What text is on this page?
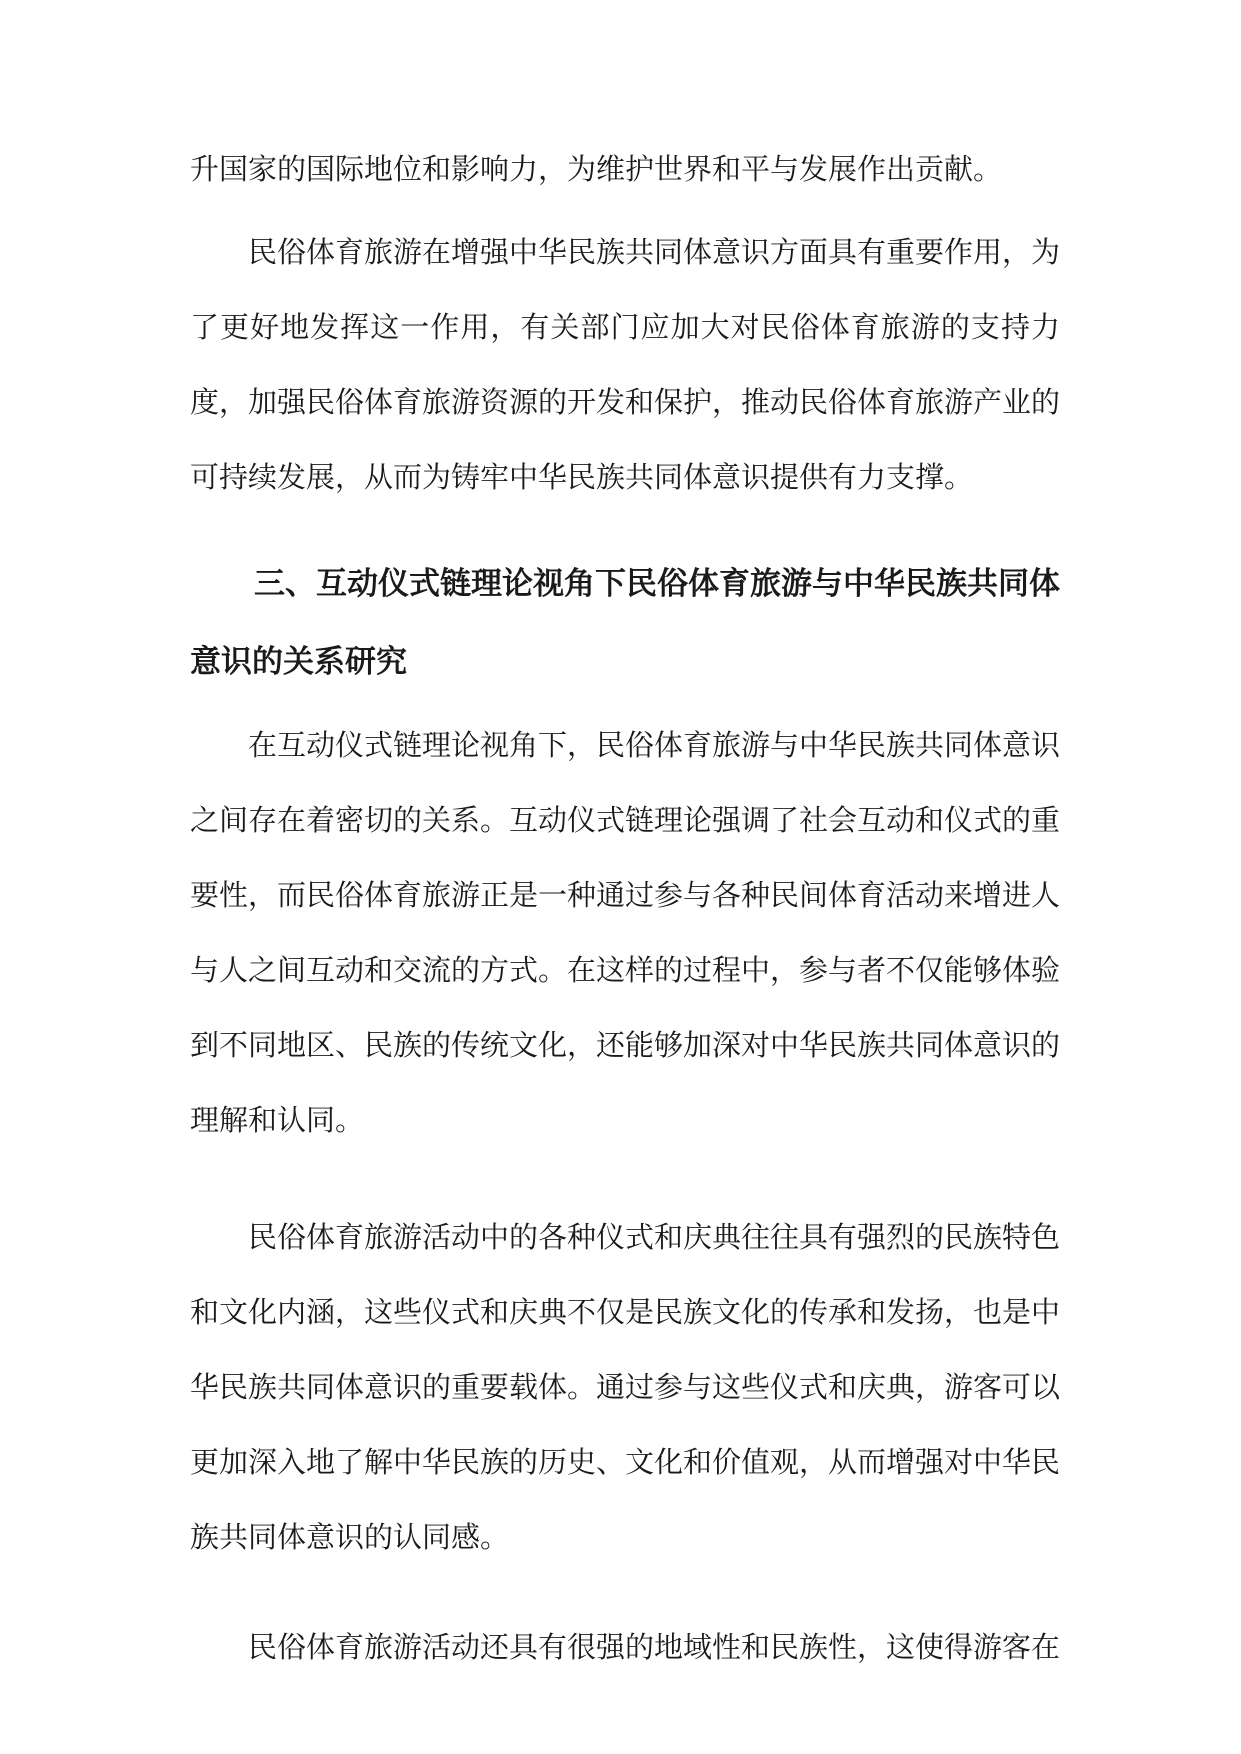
升国家的国际地位和影响力，为维护世界和平与发展作出贡献。

民俗体育旅游在增强中华民族共同体意识方面具有重要作用，为了更好地发挥这一作用，有关部门应加大对民俗体育旅游的支持力度，加强民俗体育旅游资源的开发和保护，推动民俗体育旅游产业的可持续发展，从而为铸牢中华民族共同体意识提供有力支撑。

三、互动仪式链理论视角下民俗体育旅游与中华民族共同体意识的关系研究

在互动仪式链理论视角下，民俗体育旅游与中华民族共同体意识之间存在着密切的关系。互动仪式链理论强调了社会互动和仪式的重要性，而民俗体育旅游正是一种通过参与各种民间体育活动来增进人与人之间互动和交流的方式。在这样的过程中，参与者不仅能够体验到不同地区、民族的传统文化，还能够加深对中华民族共同体意识的理解和认同。

民俗体育旅游活动中的各种仪式和庆典往往具有强烈的民族特色和文化内涵，这些仪式和庆典不仅是民族文化的传承和发扬，也是中华民族共同体意识的重要载体。通过参与这些仪式和庆典，游客可以更加深入地了解中华民族的历史、文化和价值观，从而增强对中华民族共同体意识的认同感。

民俗体育旅游活动还具有很强的地域性和民族性，这使得游客在
